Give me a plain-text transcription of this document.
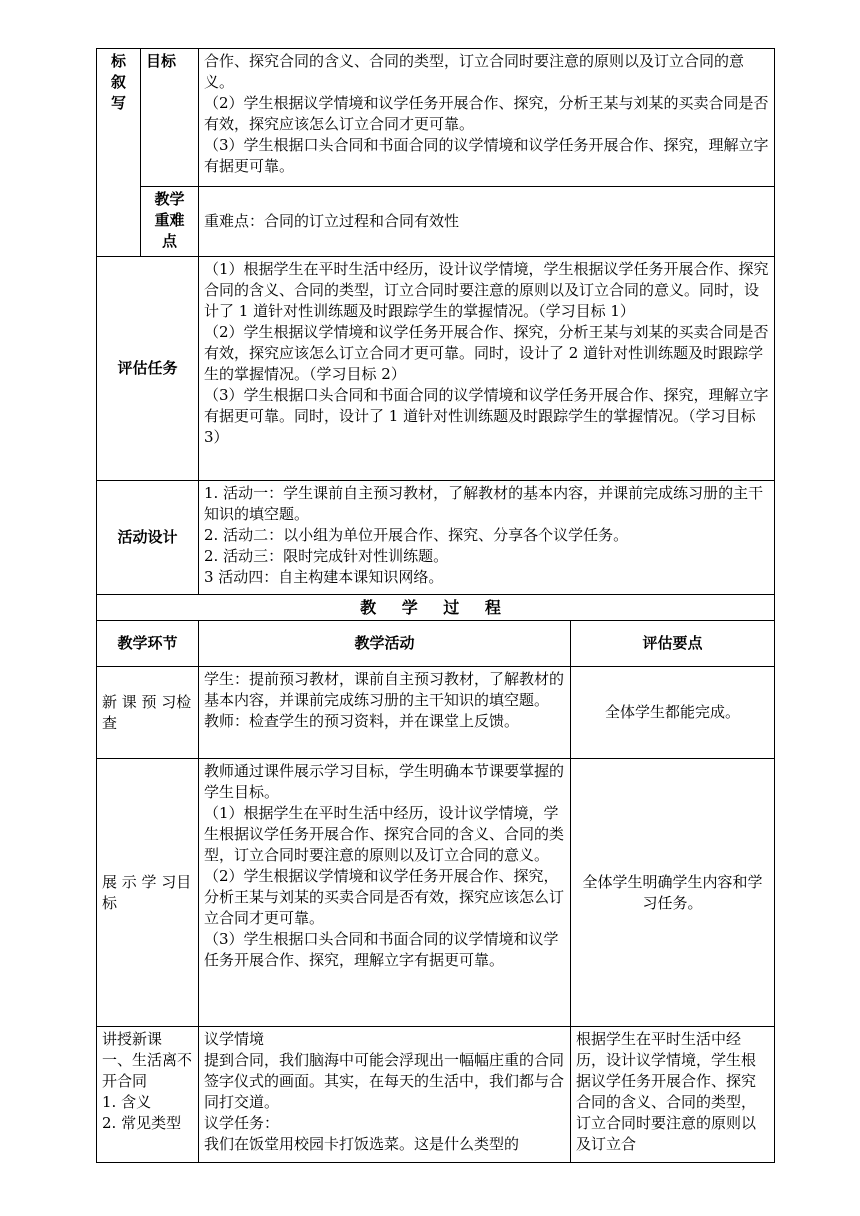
标
叙
写	目标	合作、探究合同的含义、合同的类型，订立合同时要注意的原则以及订立合同的意义。
（2）学生根据议学情境和议学任务开展合作、探究，分析王某与刘某的买卖合同是否有效，探究应该怎么订立合同才更可靠。
（3）学生根据口头合同和书面合同的议学情境和议学任务开展合作、探究，理解立字有据更可靠。	

	教学
重难
点	重难点：合同的订立过程和合同有效性	
评估任务		（1）根据学生在平时生活中经历，设计议学情境，学生根据议学任务开展合作、探究合同的含义、合同的类型，订立合同时要注意的原则以及订立合同的意义。同时，设计了 1 道针对性训练题及时跟踪学生的掌握情况。（学习目标 1）
（2）学生根据议学情境和议学任务开展合作、探究，分析王某与刘某的买卖合同是否有效，探究应该怎么订立合同才更可靠。同时，设计了 2 道针对性训练题及时跟踪学生的掌握情况。（学习目标 2）
（3）学生根据口头合同和书面合同的议学情境和议学任务开展合作、探究，理解立字有据更可靠。同时，设计了 1 道针对性训练题及时跟踪学生的掌握情况。（学习目标 3）	

活动设计		1. 活动一：学生课前自主预习教材，了解教材的基本内容，并课前完成练习册的主干知识的填空题。
2. 活动二：以小组为单位开展合作、探究、分享各个议学任务。
2. 活动三：限时完成针对性训练题。
3 活动四：自主构建本课知识网络。	

教 学 过 程			
教学环节		教学活动	评估要点
新 课 预 习检查		学生：提前预习教材，课前自主预习教材，了解教材的基本内容，并课前完成练习册的主干知识的填空题。
教师：检查学生的预习资料，并在课堂上反馈。	全体学生都能完成。
展 示 学 习目标		教师通过课件展示学习目标，学生明确本节课要掌握的学生目标。
（1）根据学生在平时生活中经历，设计议学情境，学生根据议学任务开展合作、探究合同的含义、合同的类型，订立合同时要注意的原则以及订立合同的意义。
（2）学生根据议学情境和议学任务开展合作、探究，分析王某与刘某的买卖合同是否有效，探究应该怎么订立合同才更可靠。
（3）学生根据口头合同和书面合同的议学情境和议学任务开展合作、探究，理解立字有据更可靠。	全体学生明确学生内容和学习任务。

讲授新课
一、生活离不开合同
1. 含义
2. 常见类型		议学情境
提到合同，我们脑海中可能会浮现出一幅幅庄重的合同签字仪式的画面。其实，在每天的生活中，我们都与合同打交道。
议学任务：
我们在饭堂用校园卡打饭选菜。这是什么类型的	根据学生在平时生活中经历，设计议学情境，学生根据议学任务开展合作、探究合同的含义、合同的类型，订立合同时要注意的原则以及订立合
